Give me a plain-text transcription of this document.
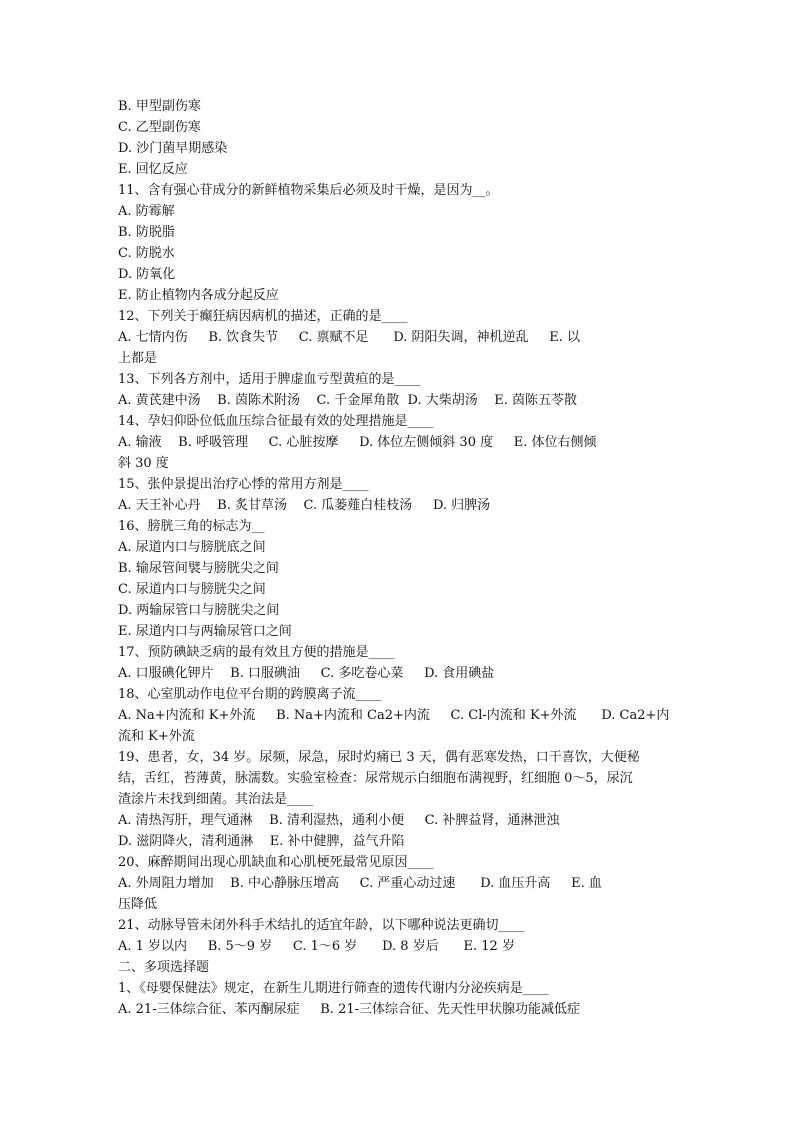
B. 甲型副伤寒
C. 乙型副伤寒
D. 沙门菌早期感染
E. 回忆反应
11、含有强心苷成分的新鲜植物采集后必须及时干燥，是因为__。
A. 防霉解
B. 防脱脂
C. 防脱水
D. 防氧化
E. 防止植物内各成分起反应
12、下列关于癫狂病因病机的描述，正确的是____
A. 七情内伤     B. 饮食失节     C. 禀赋不足      D. 阴阳失调，神机逆乱     E. 以
上都是
13、下列各方剂中，适用于脾虚血亏型黄疸的是____
A. 黄芪建中汤    B. 茵陈术附汤    C. 千金犀角散  D. 大柴胡汤    E. 茵陈五苓散
14、孕妇仰卧位低血压综合征最有效的处理措施是____
A. 输液    B. 呼吸管理     C. 心脏按摩     D. 体位左侧倾斜 30 度     E. 体位右侧倾
斜 30 度
15、张仲景提出治疗心悸的常用方剂是____
A. 天王补心丹    B. 炙甘草汤    C. 瓜蒌薤白桂枝汤     D. 归脾汤
16、膀胱三角的标志为__
A. 尿道内口与膀胱底之间
B. 输尿管间襞与膀胱尖之间
C. 尿道内口与膀胱尖之间
D. 两输尿管口与膀胱尖之间
E. 尿道内口与两输尿管口之间
17、预防碘缺乏病的最有效且方便的措施是____
A. 口服碘化钾片    B. 口服碘油     C. 多吃卷心菜     D. 食用碘盐
18、心室肌动作电位平台期的跨膜离子流____
A. Na+内流和 K+外流     B. Na+内流和 Ca2+内流     C. Cl-内流和 K+外流      D. Ca2+内
流和 K+外流
19、患者，女，34 岁。尿频，尿急，尿时灼痛已 3 天，偶有恶寒发热，口干喜饮，大便秘
结，舌红，苔薄黄，脉濡数。实验室检查：尿常规示白细胞布满视野，红细胞 0～5，尿沉
渣涂片未找到细菌。其治法是____
A. 清热泻肝，理气通淋    B. 清利湿热，通利小便     C. 补脾益肾，通淋泄浊
D. 滋阴降火，清利通淋    E. 补中健脾，益气升陷
20、麻醉期间出现心肌缺血和心肌梗死最常见原因____
A. 外周阻力增加    B. 中心静脉压增高     C. 严重心动过速      D. 血压升高     E. 血
压降低
21、动脉导管未闭外科手术结扎的适宜年龄，以下哪种说法更确切____
A. 1 岁以内     B. 5～9 岁     C. 1～6 岁      D. 8 岁后      E. 12 岁
二、多项选择题
1、《母婴保健法》规定，在新生儿期进行筛查的遗传代谢内分泌疾病是____
A. 21-三体综合征、苯丙酮尿症     B. 21-三体综合征、先天性甲状腺功能减低症
